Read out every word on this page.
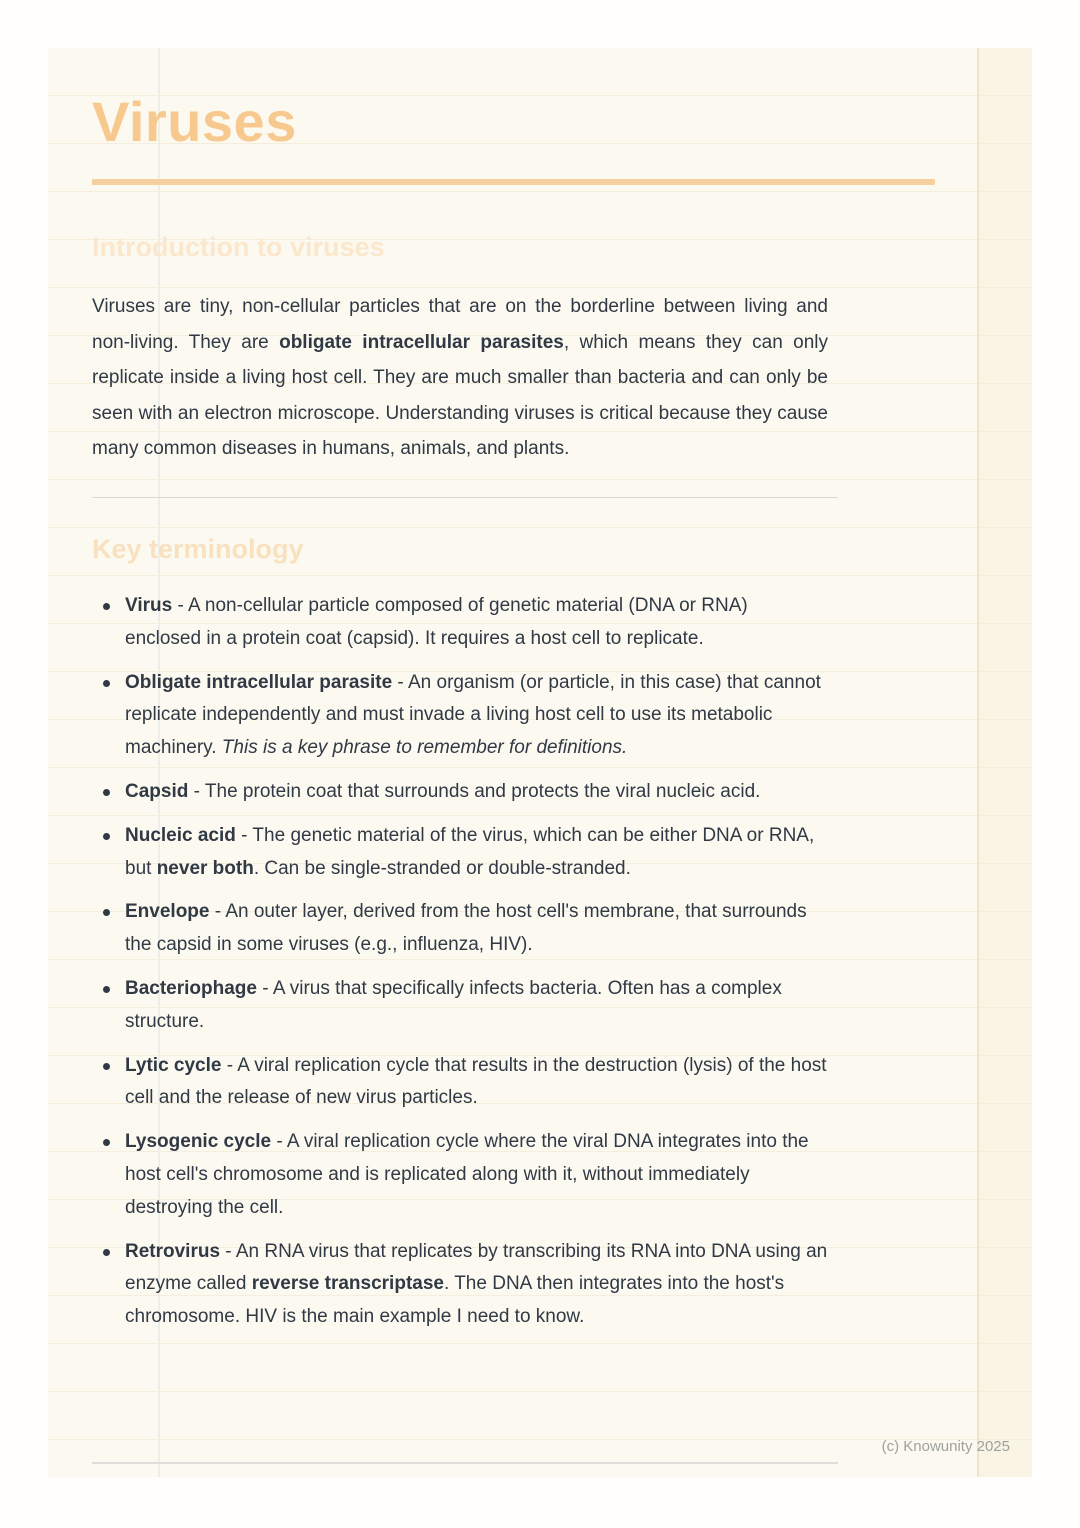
Viruses
Introduction to viruses

Viruses are tiny, non-cellular particles that are on the borderline between living and non-living. They are obligate intracellular parasites, which means they can only replicate inside a living host cell. They are much smaller than bacteria and can only be seen with an electron microscope. Understanding viruses is critical because they cause many common diseases in humans, animals, and plants.

Key terminology
Virus - A non-cellular particle composed of genetic material (DNA or RNA) enclosed in a protein coat (capsid). It requires a host cell to replicate.
Obligate intracellular parasite - An organism (or particle, in this case) that cannot replicate independently and must invade a living host cell to use its metabolic machinery. This is a key phrase to remember for definitions.
Capsid - The protein coat that surrounds and protects the viral nucleic acid.
Nucleic acid - The genetic material of the virus, which can be either DNA or RNA, but never both. Can be single-stranded or double-stranded.
Envelope - An outer layer, derived from the host cell's membrane, that surrounds the capsid in some viruses (e.g., influenza, HIV).
Bacteriophage - A virus that specifically infects bacteria. Often has a complex structure.
Lytic cycle - A viral replication cycle that results in the destruction (lysis) of the host cell and the release of new virus particles.
Lysogenic cycle - A viral replication cycle where the viral DNA integrates into the host cell's chromosome and is replicated along with it, without immediately destroying the cell.
Retrovirus - An RNA virus that replicates by transcribing its RNA into DNA using an enzyme called reverse transcriptase. The DNA then integrates into the host's chromosome. HIV is the main example I need to know.
(c) Knowunity 2025
